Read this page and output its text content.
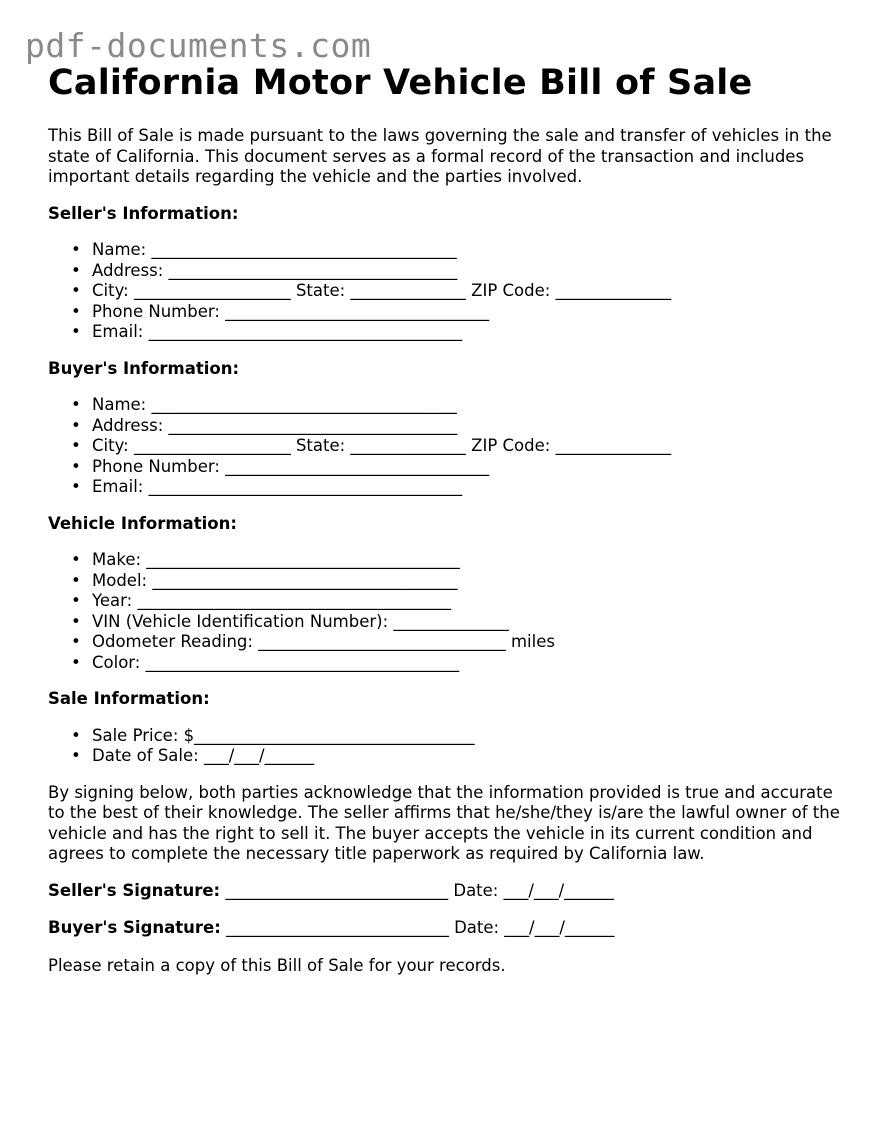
pdf-documents.com
California Motor Vehicle Bill of Sale

This Bill of Sale is made pursuant to the laws governing the sale and transfer of vehicles in the state of California. This document serves as a formal record of the transaction and includes important details regarding the vehicle and the parties involved.

Seller's Information:

• Name: _____________________________________
• Address: ___________________________________
• City: ___________________ State: ______________ ZIP Code: ______________
• Phone Number: ________________________________
• Email: ______________________________________

Buyer's Information:

• Name: _____________________________________
• Address: ___________________________________
• City: ___________________ State: ______________ ZIP Code: ______________
• Phone Number: ________________________________
• Email: ______________________________________

Vehicle Information:

• Make: ______________________________________
• Model: _____________________________________
• Year: ______________________________________
• VIN (Vehicle Identification Number): ______________
• Odometer Reading: ______________________________ miles
• Color: ______________________________________

Sale Information:

• Sale Price: $__________________________________
• Date of Sale: ___/___/______

By signing below, both parties acknowledge that the information provided is true and accurate to the best of their knowledge. The seller affirms that he/she/they is/are the lawful owner of the vehicle and has the right to sell it. The buyer accepts the vehicle in its current condition and agrees to complete the necessary title paperwork as required by California law.

Seller's Signature: ___________________________ Date: ___/___/______

Buyer's Signature: ___________________________ Date: ___/___/______

Please retain a copy of this Bill of Sale for your records.
